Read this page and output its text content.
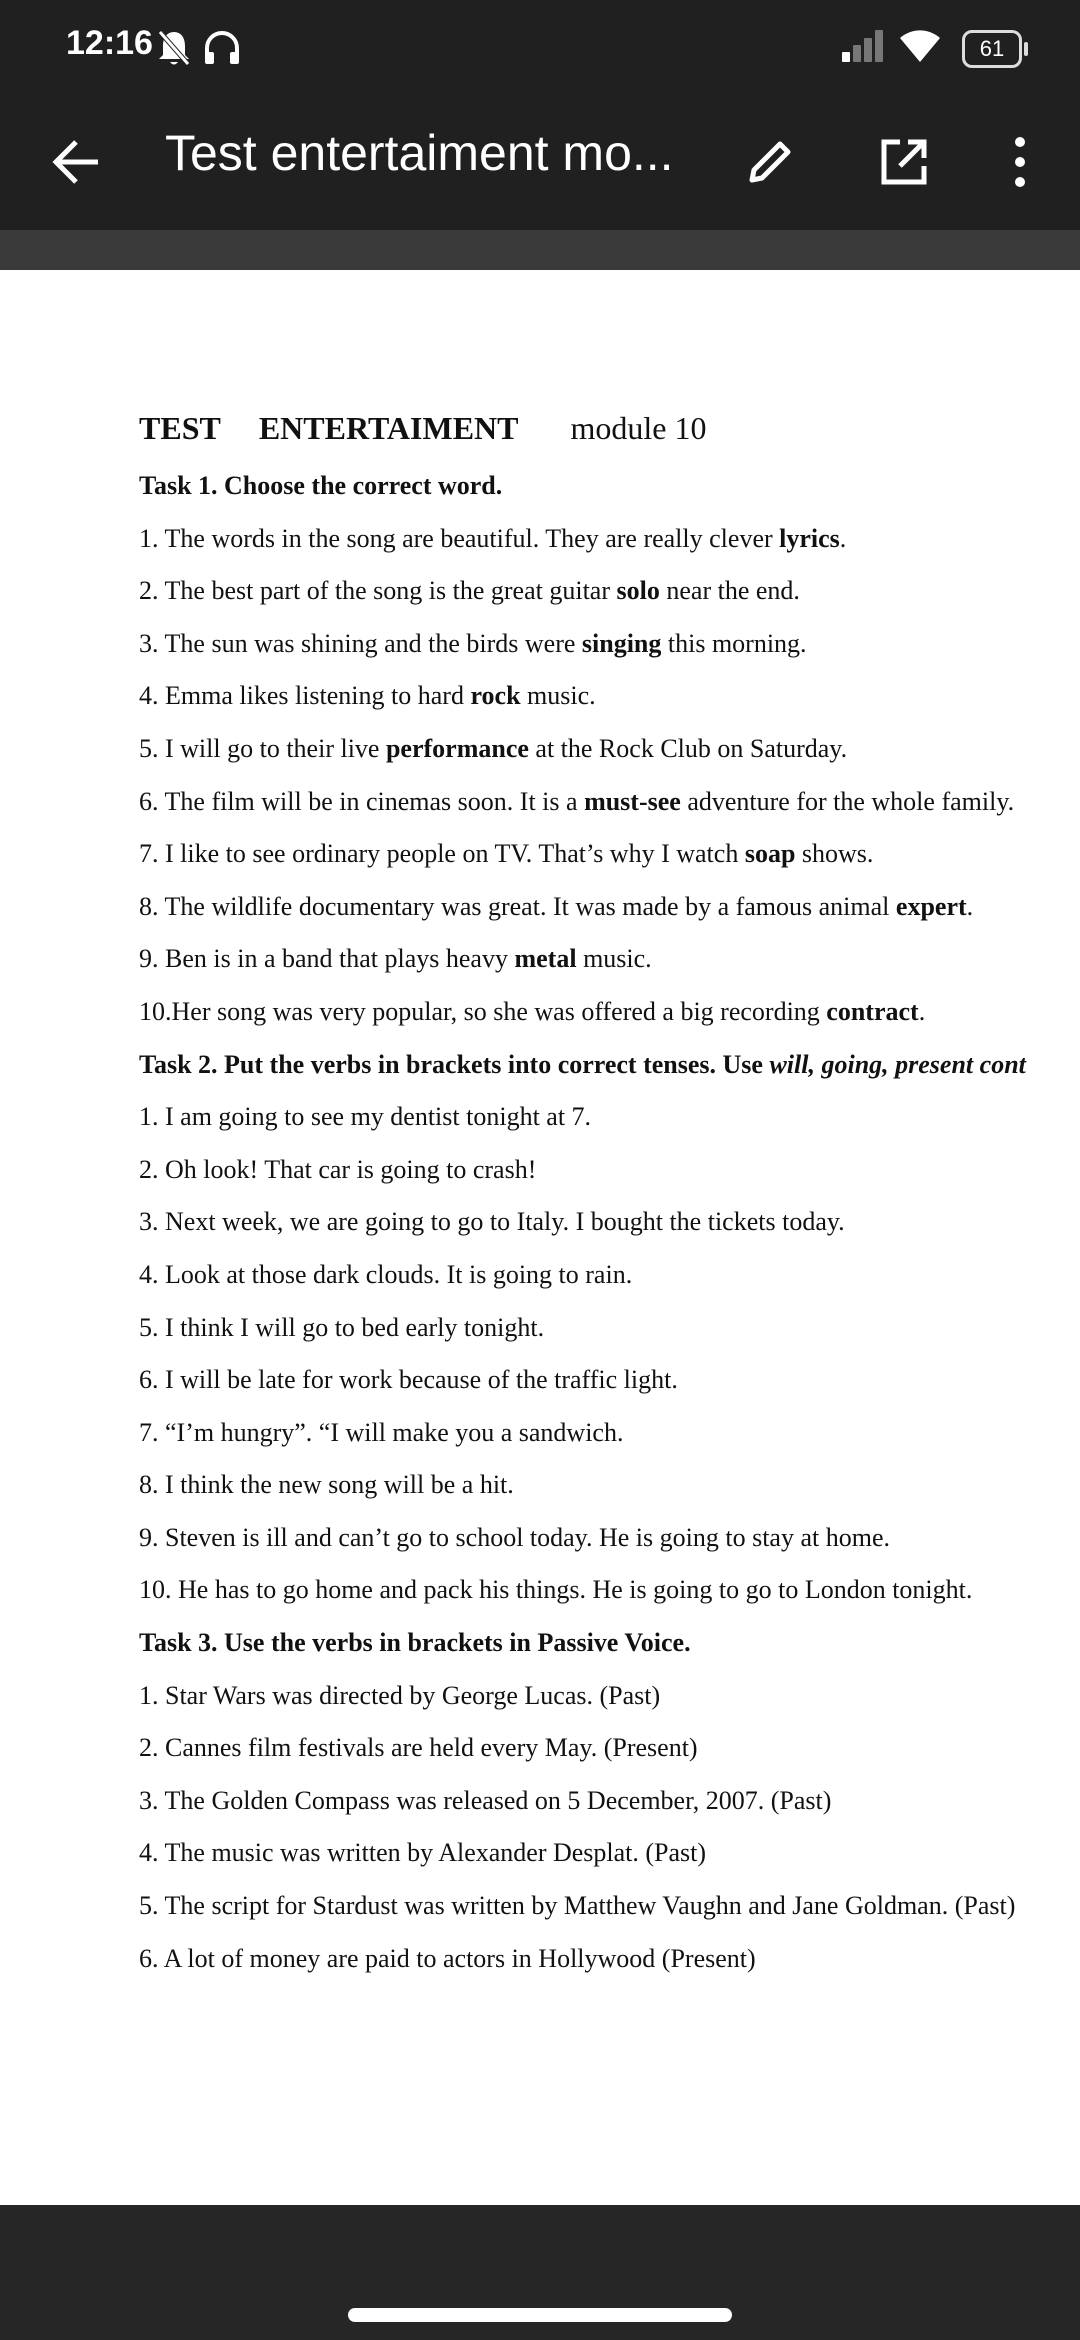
12:16	61
Test entertaiment mo...
TEST ENTERTAIMENT module 10
Task 1. Choose the correct word.
1. The words in the song are beautiful. They are really clever lyrics.
2. The best part of the song is the great guitar solo near the end.
3. The sun was shining and the birds were singing this morning.
4. Emma likes listening to hard rock music.
5. I will go to their live performance at the Rock Club on Saturday.
6. The film will be in cinemas soon. It is a must-see adventure for the whole family.
7. I like to see ordinary people on TV. That’s why I watch soap shows.
8. The wildlife documentary was great. It was made by a famous animal expert.
9. Ben is in a band that plays heavy metal music.
10.Her song was very popular, so she was offered a big recording contract.
Task 2. Put the verbs in brackets into correct tenses. Use will, going, present cont
1. I am going to see my dentist tonight at 7.
2. Oh look! That car is going to crash!
3. Next week, we are going to go to Italy. I bought the tickets today.
4. Look at those dark clouds. It is going to rain.
5. I think I will go to bed early tonight.
6. I will be late for work because of the traffic light.
7. “I’m hungry”. “I will make you a sandwich.
8. I think the new song will be a hit.
9. Steven is ill and can’t go to school today. He is going to stay at home.
10. He has to go home and pack his things. He is going to go to London tonight.
Task 3. Use the verbs in brackets in Passive Voice.
1. Star Wars was directed by George Lucas. (Past)
2. Cannes film festivals are held every May. (Present)
3. The Golden Compass was released on 5 December, 2007. (Past)
4. The music was written by Alexander Desplat. (Past)
5. The script for Stardust was written by Matthew Vaughn and Jane Goldman. (Past)
6. A lot of money are paid to actors in Hollywood (Present)
